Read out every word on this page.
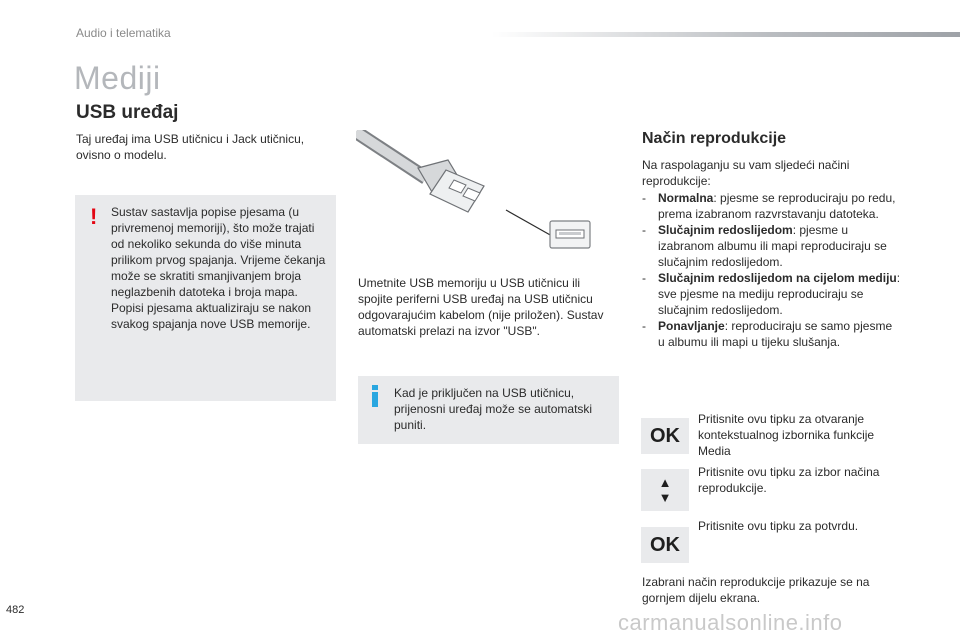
Audio i telematika
Mediji
USB uređaj
Taj uređaj ima USB utičnicu i Jack utičnicu, ovisno o modelu.
! Sustav sastavlja popise pjesama (u privremenoj memoriji), što može trajati od nekoliko sekunda do više minuta prilikom prvog spajanja. Vrijeme čekanja može se skratiti smanjivanjem broja neglazbenih datoteka i broja mapa. Popisi pjesama aktualiziraju se nakon svakog spajanja nove USB memorije.
Umetnite USB memoriju u USB utičnicu ili spojite periferni USB uređaj na USB utičnicu odgovarajućim kabelom (nije priložen). Sustav automatski prelazi na izvor "USB".
Kad je priključen na USB utičnicu, prijenosni uređaj može se automatski puniti.
Način reprodukcije
Na raspolaganju su vam sljedeći načini reprodukcije:
- Normalna: pjesme se reproduciraju po redu, prema izabranom razvrstavanju datoteka.
- Slučajnim redoslijedom: pjesme u izabranom albumu ili mapi reproduciraju se slučajnim redoslijedom.
- Slučajnim redoslijedom na cijelom mediju: sve pjesme na mediju reproduciraju se slučajnim redoslijedom.
- Ponavljanje: reproduciraju se samo pjesme u albumu ili mapi u tijeku slušanja.
OK
Pritisnite ovu tipku za otvaranje kontekstualnog izbornika funkcije Media
▲
▼
Pritisnite ovu tipku za izbor načina reprodukcije.
OK
Pritisnite ovu tipku za potvrdu.
Izabrani način reprodukcije prikazuje se na gornjem dijelu ekrana.
482	carmanualsonline.info
